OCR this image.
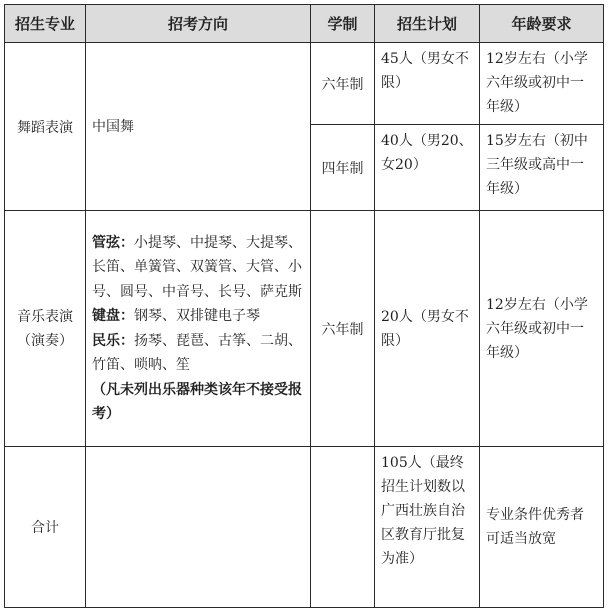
招生专业	招考方向	学制	招生计划	年龄要求
舞蹈表演	中国舞	六年制	45人（男女不限）	12岁左右（小学六年级或初中一年级）

		四年制	40人（男20、女20）	15岁左右（初中三年级或高中一年级）

音乐表演（演奏）	管弦：小提琴、中提琴、大提琴、长笛、单簧管、双簧管、大管、小号、圆号、中音号、长号、萨克斯
键盘：钢琴、双排键电子琴
民乐：扬琴、琵琶、古筝、二胡、竹笛、唢呐、笙
（凡未列出乐器种类该年不接受报考）	六年制	20人（男女不限）	12岁左右（小学六年级或初中一年级）

合计			105人（最终招生计划数以广西壮族自治区教育厅批复为准）	专业条件优秀者可适当放宽
